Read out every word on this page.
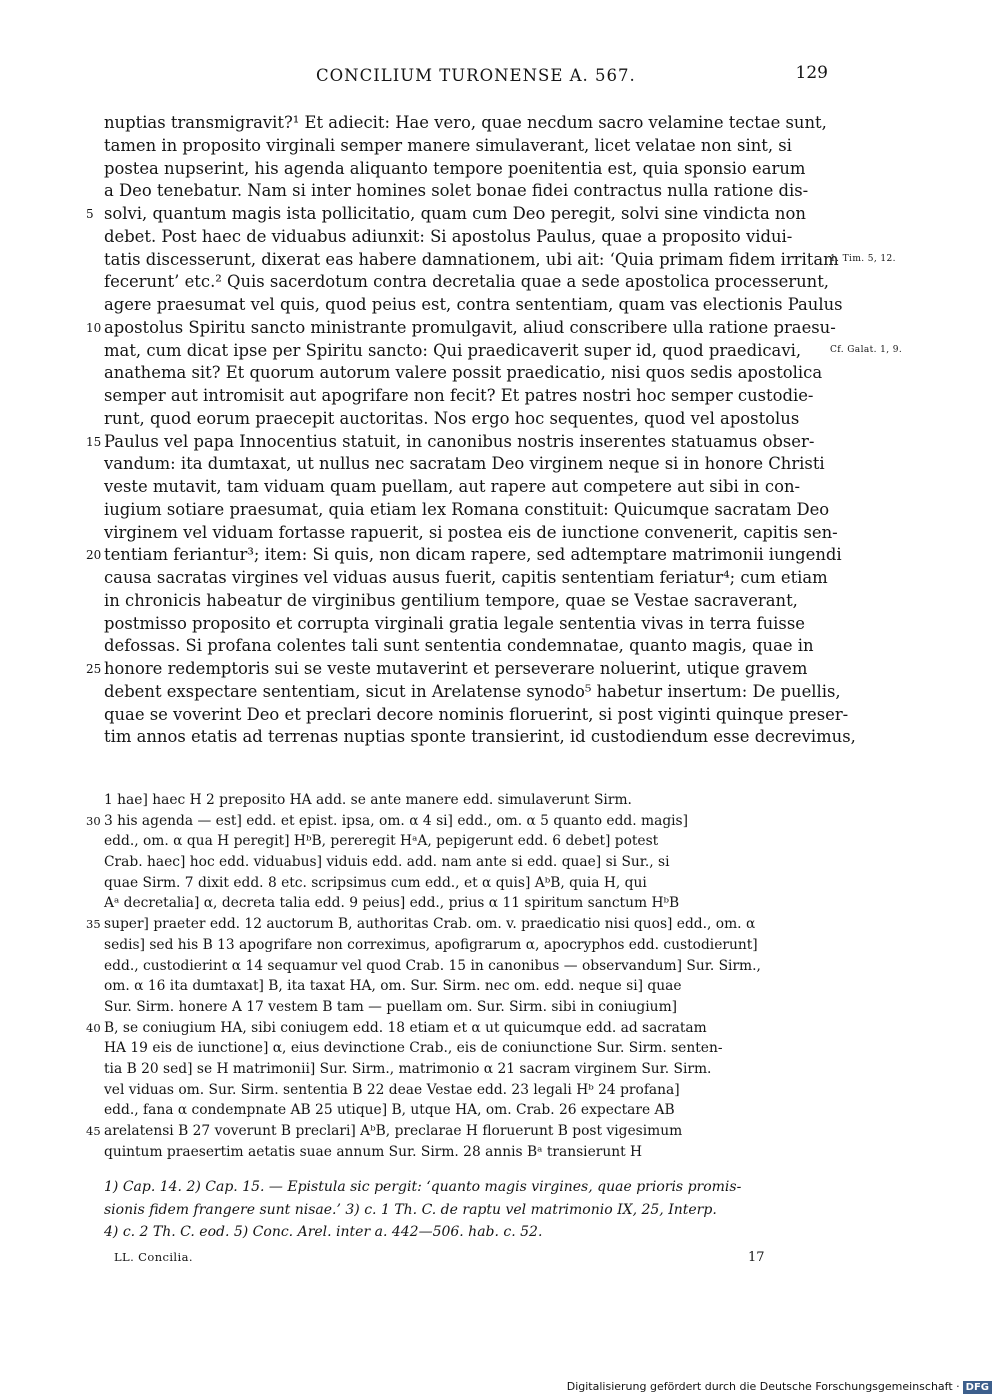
CONCILIUM TURONENSE A. 567.	129
nuptias transmigravit?¹ Et adiecit: Hae vero, quae necdum sacro velamine tectae sunt,
tamen in proposito virginali semper manere simulaverant, licet velatae non sint, si
postea nupserint, his agenda aliquanto tempore poenitentia est, quia sponsio earum
a Deo tenebatur. Nam si inter homines solet bonae fidei contractus nulla ratione dis-
5 solvi, quantum magis ista pollicitatio, quam cum Deo peregit, solvi sine vindicta non
debet. Post haec de viduabus adiunxit: Si apostolus Paulus, quae a proposito vidui-
tatis discesserunt, dixerat eas habere damnationem, ubi ait: ‘Quia primam fidem irritam
fecerunt’ etc.² Quis sacerdotum contra decretalia quae a sede apostolica processerunt,
agere praesumat vel quis, quod peius est, contra sententiam, quam vas electionis Paulus
10 apostolus Spiritu sancto ministrante promulgavit, aliud conscribere ulla ratione praesu-
mat, cum dicat ipse per Spiritu sancto: Qui praedicaverit super id, quod praedicavi,
anathema sit? Et quorum autorum valere possit praedicatio, nisi quos sedis apostolica
semper aut intromisit aut apogrifare non fecit? Et patres nostri hoc semper custodie-
runt, quod eorum praecepit auctoritas. Nos ergo hoc sequentes, quod vel apostolus
15 Paulus vel papa Innocentius statuit, in canonibus nostris inserentes statuamus obser-
vandum: ita dumtaxat, ut nullus nec sacratam Deo virginem neque si in honore Christi
veste mutavit, tam viduam quam puellam, aut rapere aut competere aut sibi in con-
iugium sotiare praesumat, quia etiam lex Romana constituit: Quicumque sacratam Deo
virginem vel viduam fortasse rapuerit, si postea eis de iunctione convenerit, capitis sen-
20 tentiam feriantur³; item: Si quis, non dicam rapere, sed adtemptare matrimonii iungendi
causa sacratas virgines vel viduas ausus fuerit, capitis sententiam feriatur⁴; cum etiam
in chronicis habeatur de virginibus gentilium tempore, quae se Vestae sacraverant,
postmisso proposito et corrupta virginali gratia legale sententia vivas in terra fuisse
defossas. Si profana colentes tali sunt sententia condemnatae, quanto magis, quae in
25 honore redemptoris sui se veste mutaverint et perseverare noluerint, utique gravem
debent exspectare sententiam, sicut in Arelatense synodo⁵ habetur insertum: De puellis,
quae se voverint Deo et preclari decore nominis floruerint, si post viginti quinque preser-
tim annos etatis ad terrenas nuptias sponte transierint, id custodiendum esse decrevimus,
1. Tim. 5, 12.
Cf. Galat. 1, 9.
1 hae] haec H 2 preposito HA add. se ante manere edd. simulaverunt Sirm.
30 3 his agenda — est] edd. et epist. ipsa, om. α 4 si] edd., om. α 5 quanto edd. magis]
edd., om. α qua H peregit] HᵇB, pereregit HᵃA, pepigerunt edd. 6 debet] potest
Crab. haec] hoc edd. viduabus] viduis edd. add. nam ante si edd. quae] si Sur., si
quae Sirm. 7 dixit edd. 8 etc. scripsimus cum edd., et α quis] AᵇB, quia H, qui
Aᵃ decretalia] α, decreta talia edd. 9 peius] edd., prius α 11 spiritum sanctum HᵇB
35 super] praeter edd. 12 auctorum B, authoritas Crab. om. v. praedicatio nisi quos] edd., om. α
sedis] sed his B 13 apogrifare non correximus, apofigrarum α, apocryphos edd. custodierunt]
edd., custodierint α 14 sequamur vel quod Crab. 15 in canonibus — observandum] Sur. Sirm.,
om. α 16 ita dumtaxat] B, ita taxat HA, om. Sur. Sirm. nec om. edd. neque si] quae
Sur. Sirm. honere A 17 vestem B tam — puellam om. Sur. Sirm. sibi in coniugium]
40 B, se coniugium HA, sibi coniugem edd. 18 etiam et α ut quicumque edd. ad sacratam
HA 19 eis de iunctione] α, eius devinctione Crab., eis de coniunctione Sur. Sirm. senten-
tia B 20 sed] se H matrimonii] Sur. Sirm., matrimonio α 21 sacram virginem Sur. Sirm.
vel viduas om. Sur. Sirm. sententia B 22 deae Vestae edd. 23 legali Hᵇ 24 profana]
edd., fana α condempnate AB 25 utique] B, utque HA, om. Crab. 26 expectare AB
45 arelatensi B 27 voverunt B preclari] AᵇB, preclarae H floruerunt B post vigesimum
quintum praesertim aetatis suae annum Sur. Sirm. 28 annis Bᵃ transierunt H
1) Cap. 14. 2) Cap. 15. — Epistula sic pergit: ‘quanto magis virgines, quae prioris promis-
sionis fidem frangere sunt nisae.’ 3) c. 1 Th. C. de raptu vel matrimonio IX, 25, Interp.
4) c. 2 Th. C. eod. 5) Conc. Arel. inter a. 442—506. hab. c. 52.
LL. Concilia.	17
Digitalisierung gefördert durch die Deutsche Forschungsgemeinschaft · DFG
